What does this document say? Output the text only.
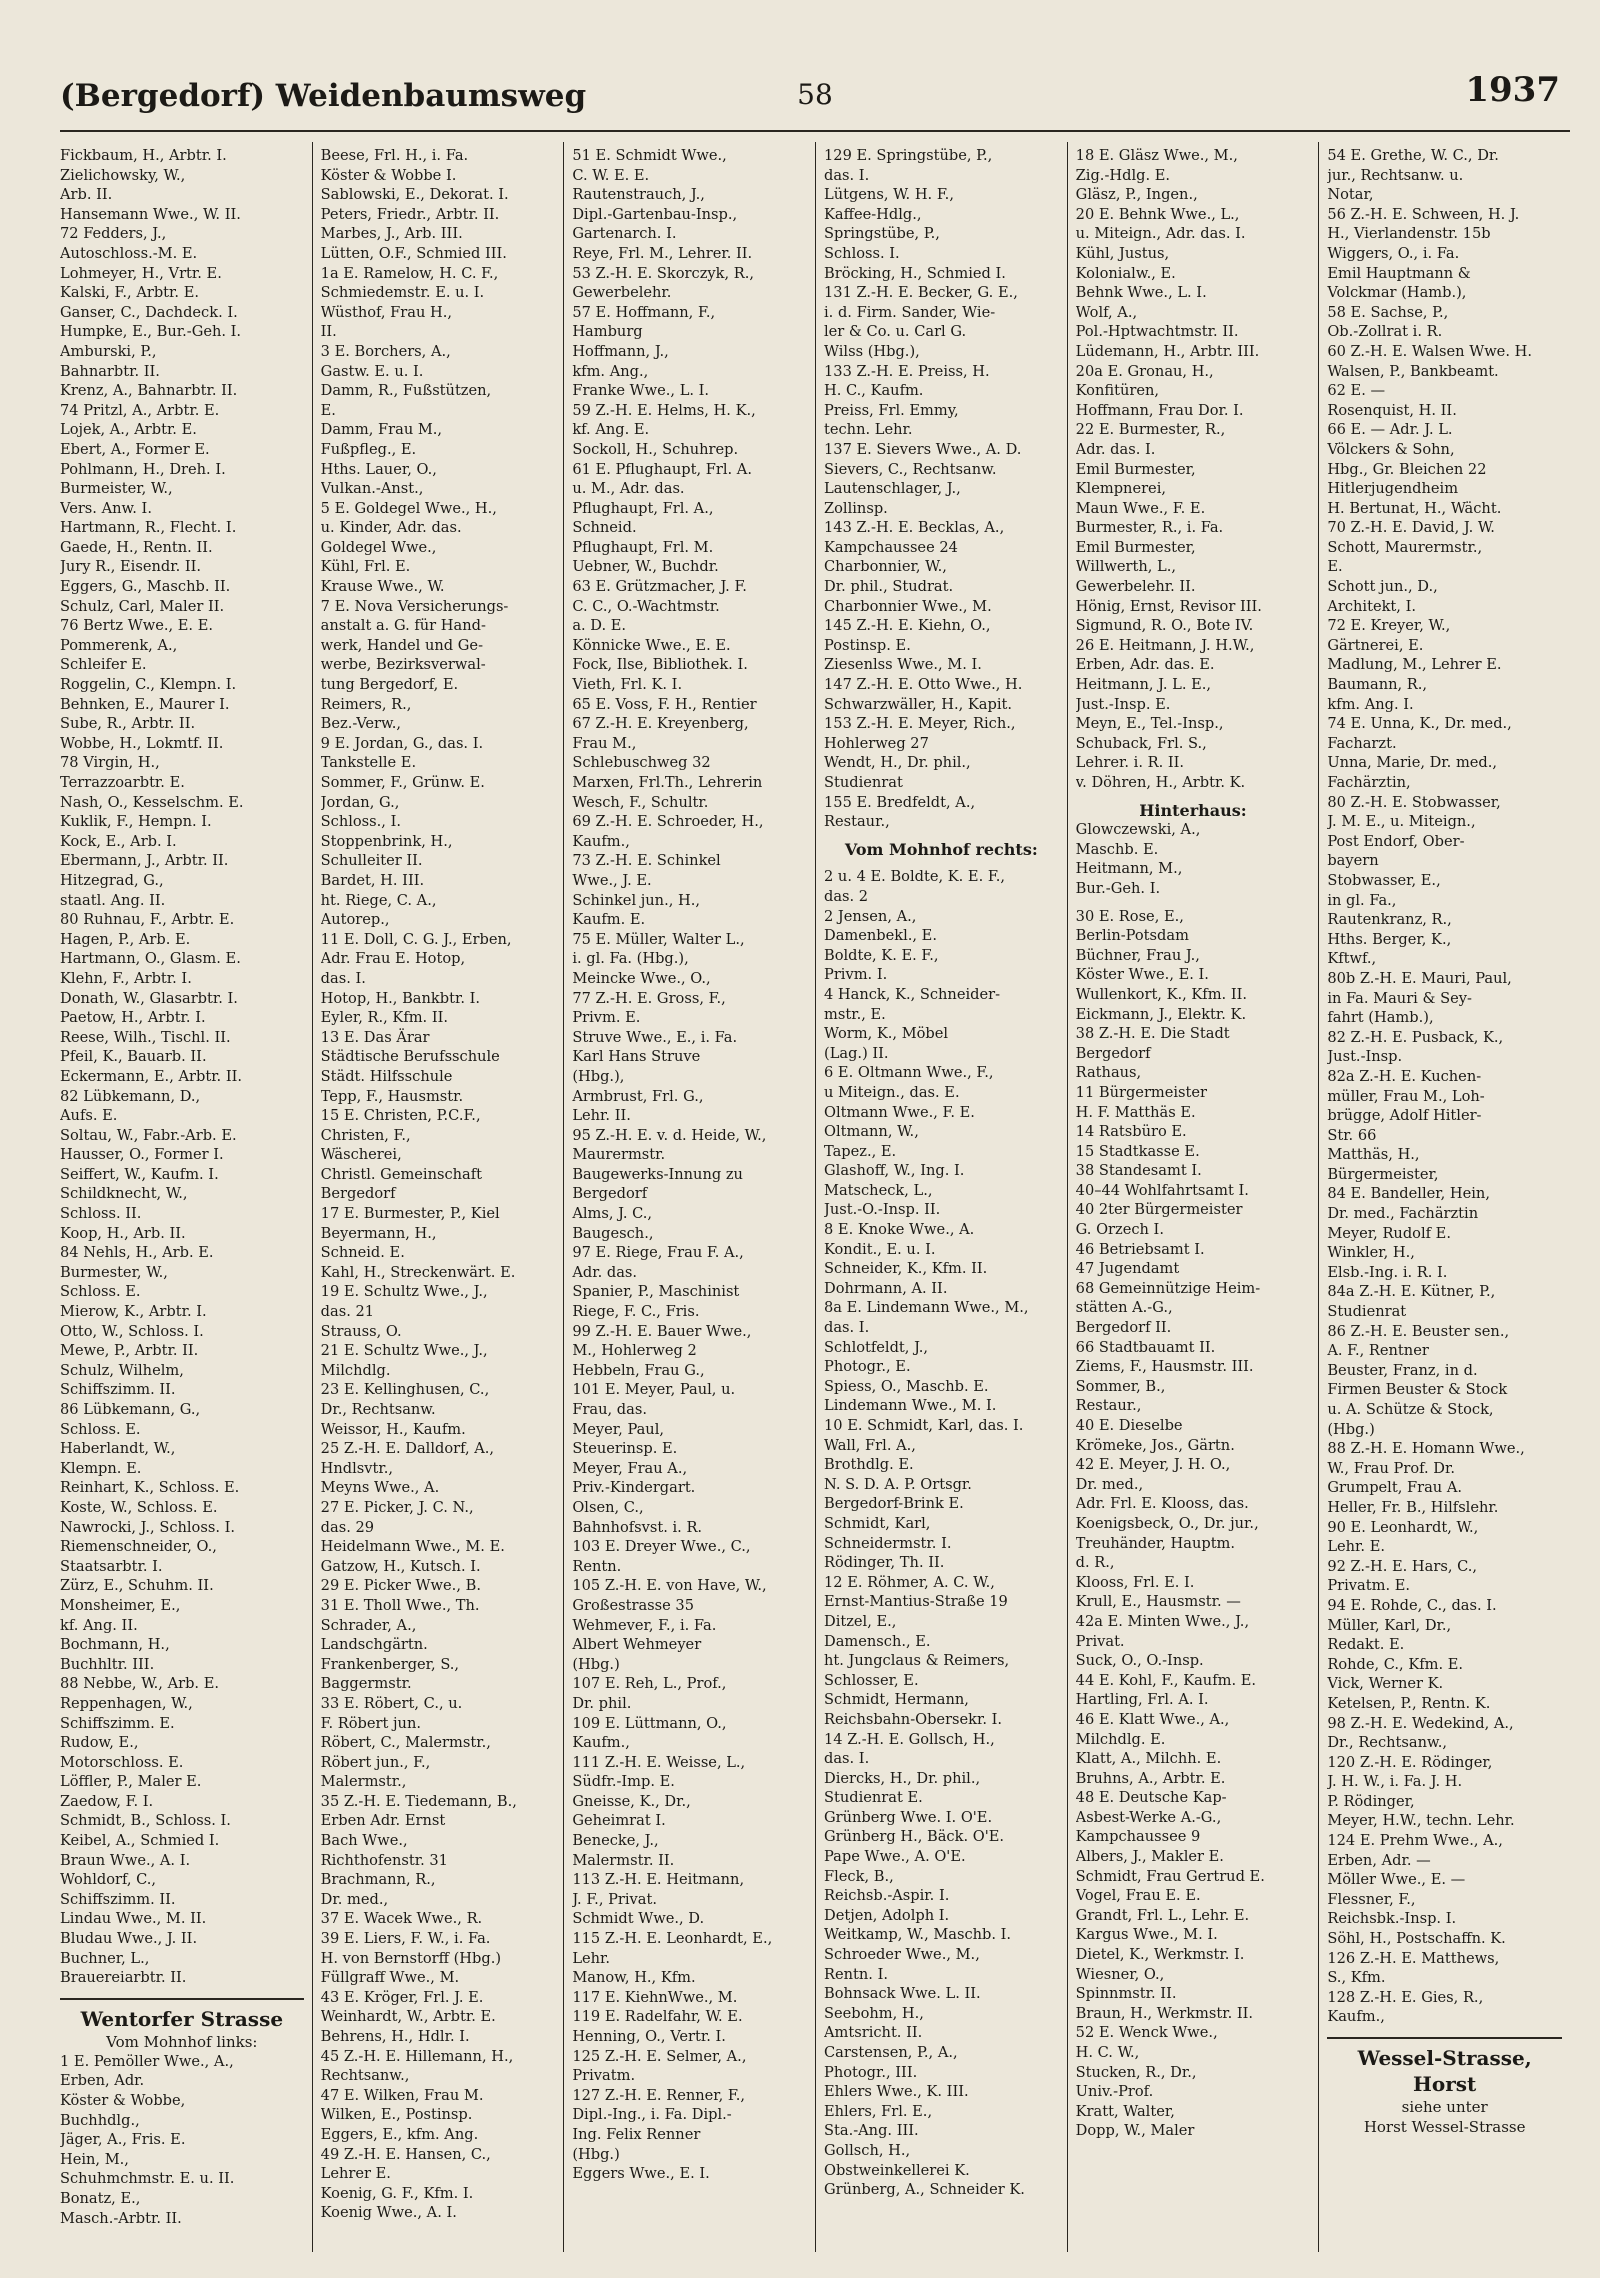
(Bergedorf) Weidenbaumsweg	58	1937
Fickbaum, H., Arbtr. I.
Zielichowsky, W.,
Arb. II.
Hansemann Wwe., W. II.
72 Fedders, J.,
Autoschloss.-M. E.
Lohmeyer, H., Vrtr. E.
Kalski, F., Arbtr. E.
Ganser, C., Dachdeck. I.
Humpke, E., Bur.-Geh. I.
Amburski, P.,
Bahnarbtr. II.
Krenz, A., Bahnarbtr. II.
74 Pritzl, A., Arbtr. E.
Lojek, A., Arbtr. E.
Ebert, A., Former E.
Pohlmann, H., Dreh. I.
Burmeister, W.,
Vers. Anw. I.
Hartmann, R., Flecht. I.
Gaede, H., Rentn. II.
Jury R., Eisendr. II.
Eggers, G., Maschb. II.
Schulz, Carl, Maler II.
76 Bertz Wwe., E. E.
Pommerenk, A.,
Schleifer E.
Roggelin, C., Klempn. I.
Behnken, E., Maurer I.
Sube, R., Arbtr. II.
Wobbe, H., Lokmtf. II.
78 Virgin, H.,
Terrazzoarbtr. E.
Nash, O., Kesselschm. E.
Kuklik, F., Hempn. I.
Kock, E., Arb. I.
Ebermann, J., Arbtr. II.
Hitzegrad, G.,
staatl. Ang. II.
80 Ruhnau, F., Arbtr. E.
Hagen, P., Arb. E.
Hartmann, O., Glasm. E.
Klehn, F., Arbtr. I.
Donath, W., Glasarbtr. I.
Paetow, H., Arbtr. I.
Reese, Wilh., Tischl. II.
Pfeil, K., Bauarb. II.
Eckermann, E., Arbtr. II.
82 Lübkemann, D.,
Aufs. E.
Soltau, W., Fabr.-Arb. E.
Hausser, O., Former I.
Seiffert, W., Kaufm. I.
Schildknecht, W.,
Schloss. II.
Koop, H., Arb. II.
84 Nehls, H., Arb. E.
Burmester, W.,
Schloss. E.
Mierow, K., Arbtr. I.
Otto, W., Schloss. I.
Mewe, P., Arbtr. II.
Schulz, Wilhelm,
Schiffszimm. II.
86 Lübkemann, G.,
Schloss. E.
Haberlandt, W.,
Klempn. E.
Reinhart, K., Schloss. E.
Koste, W., Schloss. E.
Nawrocki, J., Schloss. I.
Riemenschneider, O.,
Staatsarbtr. I.
Zürz, E., Schuhm. II.
Monsheimer, E.,
kf. Ang. II.
Bochmann, H.,
Buchhltr. III.
88 Nebbe, W., Arb. E.
Reppenhagen, W.,
Schiffszimm. E.
Rudow, E.,
Motorschloss. E.
Löffler, P., Maler E.
Zaedow, F. I.
Schmidt, B., Schloss. I.
Keibel, A., Schmied I.
Braun Wwe., A. I.
Wohldorf, C.,
Schiffszimm. II.
Lindau Wwe., M. II.
Bludau Wwe., J. II.
Buchner, L.,
Brauereiarbtr. II.
Wentorfer Strasse
Vom Mohnhof links:
1 E. Pemöller Wwe., A.,
Erben, Adr.
Köster & Wobbe,
Buchhdlg.,
Jäger, A., Fris. E.
Hein, M.,
Schuhmchmstr. E. u. II.
Bonatz, E.,
Masch.-Arbtr. II.
Beese, Frl. H., i. Fa.
Köster & Wobbe I.
Sablowski, E., Dekorat. I.
Peters, Friedr., Arbtr. II.
Marbes, J., Arb. III.
Lütten, O.F., Schmied III.
1a E. Ramelow, H. C. F.,
Schmiedemstr. E. u. I.
Wüsthof, Frau H.,
II.
3 E. Borchers, A.,
Gastw. E. u. I.
Damm, R., Fußstützen,
E.
Damm, Frau M.,
Fußpfleg., E.
Hths. Lauer, O.,
Vulkan.-Anst.,
5 E. Goldegel Wwe., H.,
u. Kinder, Adr. das.
Goldegel Wwe.,
Kühl, Frl. E.
Krause Wwe., W.
7 E. Nova Versicherungs-
anstalt a. G. für Hand-
werk, Handel und Ge-
werbe, Bezirksverwal-
tung Bergedorf, E.
Reimers, R.,
Bez.-Verw.,
9 E. Jordan, G., das. I.
Tankstelle E.
Sommer, F., Grünw. E.
Jordan, G.,
Schloss., I.
Stoppenbrink, H.,
Schulleiter II.
Bardet, H. III.
ht. Riege, C. A.,
Autorep.,
11 E. Doll, C. G. J., Erben,
Adr. Frau E. Hotop,
das. I.
Hotop, H., Bankbtr. I.
Eyler, R., Kfm. II.
13 E. Das Ärar
Städtische Berufsschule
Städt. Hilfsschule
Tepp, F., Hausmstr.
15 E. Christen, P.C.F.,
Christen, F.,
Wäscherei,
Christl. Gemeinschaft
Bergedorf
17 E. Burmester, P., Kiel
Beyermann, H.,
Schneid. E.
Kahl, H., Streckenwärt. E.
19 E. Schultz Wwe., J.,
das. 21
Strauss, O.
21 E. Schultz Wwe., J.,
Milchdlg.
23 E. Kellinghusen, C.,
Dr., Rechtsanw.
Weissor, H., Kaufm.
25 Z.-H. E. Dalldorf, A.,
Hndlsvtr.,
Meyns Wwe., A.
27 E. Picker, J. C. N.,
das. 29
Heidelmann Wwe., M. E.
Gatzow, H., Kutsch. I.
29 E. Picker Wwe., B.
31 E. Tholl Wwe., Th.
Schrader, A.,
Landschgärtn.
Frankenberger, S.,
Baggermstr.
33 E. Röbert, C., u.
F. Röbert jun.
Röbert, C., Malermstr.,
Röbert jun., F.,
Malermstr.,
35 Z.-H. E. Tiedemann, B.,
Erben Adr. Ernst
Bach Wwe.,
Richthofenstr. 31
Brachmann, R.,
Dr. med.,
37 E. Wacek Wwe., R.
39 E. Liers, F. W., i. Fa.
H. von Bernstorff (Hbg.)
Füllgraff Wwe., M.
43 E. Kröger, Frl. J. E.
Weinhardt, W., Arbtr. E.
Behrens, H., Hdlr. I.
45 Z.-H. E. Hillemann, H.,
Rechtsanw.,
47 E. Wilken, Frau M.
Wilken, E., Postinsp.
Eggers, E., kfm. Ang.
49 Z.-H. E. Hansen, C.,
Lehrer E.
Koenig, G. F., Kfm. I.
Koenig Wwe., A. I.
51 E. Schmidt Wwe.,
C. W. E. E.
Rautenstrauch, J.,
Dipl.-Gartenbau-Insp.,
Gartenarch. I.
Reye, Frl. M., Lehrer. II.
53 Z.-H. E. Skorczyk, R.,
Gewerbelehr.
57 E. Hoffmann, F.,
Hamburg
Hoffmann, J.,
kfm. Ang.,
Franke Wwe., L. I.
59 Z.-H. E. Helms, H. K.,
kf. Ang. E.
Sockoll, H., Schuhrep.
61 E. Pflughaupt, Frl. A.
u. M., Adr. das.
Pflughaupt, Frl. A.,
Schneid.
Pflughaupt, Frl. M.
Uebner, W., Buchdr.
63 E. Grützmacher, J. F.
C. C., O.-Wachtmstr.
a. D. E.
Könnicke Wwe., E. E.
Fock, Ilse, Bibliothek. I.
Vieth, Frl. K. I.
65 E. Voss, F. H., Rentier
67 Z.-H. E. Kreyenberg,
Frau M.,
Schlebuschweg 32
Marxen, Frl.Th., Lehrerin
Wesch, F., Schultr.
69 Z.-H. E. Schroeder, H.,
Kaufm.,
73 Z.-H. E. Schinkel
Wwe., J. E.
Schinkel jun., H.,
Kaufm. E.
75 E. Müller, Walter L.,
i. gl. Fa. (Hbg.),
Meincke Wwe., O.,
77 Z.-H. E. Gross, F.,
Privm. E.
Struve Wwe., E., i. Fa.
Karl Hans Struve
(Hbg.),
Armbrust, Frl. G.,
Lehr. II.
95 Z.-H. E. v. d. Heide, W.,
Maurermstr.
Baugewerks-Innung zu
Bergedorf
Alms, J. C.,
Baugesch.,
97 E. Riege, Frau F. A.,
Adr. das.
Spanier, P., Maschinist
Riege, F. C., Fris.
99 Z.-H. E. Bauer Wwe.,
M., Hohlerweg 2
Hebbeln, Frau G.,
101 E. Meyer, Paul, u.
Frau, das.
Meyer, Paul,
Steuerinsp. E.
Meyer, Frau A.,
Priv.-Kindergart.
Olsen, C.,
Bahnhofsvst. i. R.
103 E. Dreyer Wwe., C.,
Rentn.
105 Z.-H. E. von Have, W.,
Großestrasse 35
Wehmever, F., i. Fa.
Albert Wehmeyer
(Hbg.)
107 E. Reh, L., Prof.,
Dr. phil.
109 E. Lüttmann, O.,
Kaufm.,
111 Z.-H. E. Weisse, L.,
Südfr.-Imp. E.
Gneisse, K., Dr.,
Geheimrat I.
Benecke, J.,
Malermstr. II.
113 Z.-H. E. Heitmann,
J. F., Privat.
Schmidt Wwe., D.
115 Z.-H. E. Leonhardt, E.,
Lehr.
Manow, H., Kfm.
117 E. KiehnWwe., M.
119 E. Radelfahr, W. E.
Henning, O., Vertr. I.
125 Z.-H. E. Selmer, A.,
Privatm.
127 Z.-H. E. Renner, F.,
Dipl.-Ing., i. Fa. Dipl.-
Ing. Felix Renner
(Hbg.)
Eggers Wwe., E. I.
129 E. Springstübe, P.,
das. I.
Lütgens, W. H. F.,
Kaffee-Hdlg.,
Springstübe, P.,
Schloss. I.
Bröcking, H., Schmied I.
131 Z.-H. E. Becker, G. E.,
i. d. Firm. Sander, Wie-
ler & Co. u. Carl G.
Wilss (Hbg.),
133 Z.-H. E. Preiss, H.
H. C., Kaufm.
Preiss, Frl. Emmy,
techn. Lehr.
137 E. Sievers Wwe., A. D.
Sievers, C., Rechtsanw.
Lautenschlager, J.,
Zollinsp.
143 Z.-H. E. Becklas, A.,
Kampchaussee 24
Charbonnier, W.,
Dr. phil., Studrat.
Charbonnier Wwe., M.
145 Z.-H. E. Kiehn, O.,
Postinsp. E.
Ziesenlss Wwe., M. I.
147 Z.-H. E. Otto Wwe., H.
Schwarzwäller, H., Kapit.
153 Z.-H. E. Meyer, Rich.,
Hohlerweg 27
Wendt, H., Dr. phil.,
Studienrat
155 E. Bredfeldt, A.,
Restaur.,
Vom Mohnhof rechts:
2 u. 4 E. Boldte, K. E. F.,
das. 2
2 Jensen, A.,
Damenbekl., E.
Boldte, K. E. F.,
Privm. I.
4 Hanck, K., Schneider-
mstr., E.
Worm, K., Möbel
(Lag.) II.
6 E. Oltmann Wwe., F.,
u Miteign., das. E.
Oltmann Wwe., F. E.
Oltmann, W.,
Tapez., E.
Glashoff, W., Ing. I.
Matscheck, L.,
Just.-O.-Insp. II.
8 E. Knoke Wwe., A.
Kondit., E. u. I.
Schneider, K., Kfm. II.
Dohrmann, A. II.
8a E. Lindemann Wwe., M.,
das. I.
Schlotfeldt, J.,
Photogr., E.
Spiess, O., Maschb. E.
Lindemann Wwe., M. I.
10 E. Schmidt, Karl, das. I.
Wall, Frl. A.,
Brothdlg. E.
N. S. D. A. P. Ortsgr.
Bergedorf-Brink E.
Schmidt, Karl,
Schneidermstr. I.
Rödinger, Th. II.
12 E. Röhmer, A. C. W.,
Ernst-Mantius-Straße 19
Ditzel, E.,
Damensch., E.
ht. Jungclaus & Reimers,
Schlosser, E.
Schmidt, Hermann,
Reichsbahn-Obersekr. I.
14 Z.-H. E. Gollsch, H.,
das. I.
Diercks, H., Dr. phil.,
Studienrat E.
Grünberg Wwe. I. O'E.
Grünberg H., Bäck. O'E.
Pape Wwe., A. O'E.
Fleck, B.,
Reichsb.-Aspir. I.
Detjen, Adolph I.
Weitkamp, W., Maschb. I.
Schroeder Wwe., M.,
Rentn. I.
Bohnsack Wwe. L. II.
Seebohm, H.,
Amtsricht. II.
Carstensen, P., A.,
Photogr., III.
Ehlers Wwe., K. III.
Ehlers, Frl. E.,
Sta.-Ang. III.
Gollsch, H.,
Obstweinkellerei K.
Grünberg, A., Schneider K.
18 E. Gläsz Wwe., M.,
Zig.-Hdlg. E.
Gläsz, P., Ingen.,
20 E. Behnk Wwe., L.,
u. Miteign., Adr. das. I.
Kühl, Justus,
Kolonialw., E.
Behnk Wwe., L. I.
Wolf, A.,
Pol.-Hptwachtmstr. II.
Lüdemann, H., Arbtr. III.
20a E. Gronau, H.,
Konfitüren,
Hoffmann, Frau Dor. I.
22 E. Burmester, R.,
Adr. das. I.
Emil Burmester,
Klempnerei,
Maun Wwe., F. E.
Burmester, R., i. Fa.
Emil Burmester,
Willwerth, L.,
Gewerbelehr. II.
Hönig, Ernst, Revisor III.
Sigmund, R. O., Bote IV.
26 E. Heitmann, J. H.W.,
Erben, Adr. das. E.
Heitmann, J. L. E.,
Just.-Insp. E.
Meyn, E., Tel.-Insp.,
Schuback, Frl. S.,
Lehrer. i. R. II.
v. Döhren, H., Arbtr. K.
Hinterhaus:
Glowczewski, A.,
Maschb. E.
Heitmann, M.,
Bur.-Geh. I.
30 E. Rose, E.,
Berlin-Potsdam
Büchner, Frau J.,
Köster Wwe., E. I.
Wullenkort, K., Kfm. II.
Eickmann, J., Elektr. K.
38 Z.-H. E. Die Stadt
Bergedorf
Rathaus,
11 Bürgermeister
H. F. Matthäs E.
14 Ratsbüro E.
15 Stadtkasse E.
38 Standesamt I.
40–44 Wohlfahrtsamt I.
40 2ter Bürgermeister
G. Orzech I.
46 Betriebsamt I.
47 Jugendamt
68 Gemeinnützige Heim-
stätten A.-G.,
Bergedorf II.
66 Stadtbauamt II.
Ziems, F., Hausmstr. III.
Sommer, B.,
Restaur.,
40 E. Dieselbe
Krömeke, Jos., Gärtn.
42 E. Meyer, J. H. O.,
Dr. med.,
Adr. Frl. E. Klooss, das.
Koenigsbeck, O., Dr. jur.,
Treuhänder, Hauptm.
d. R.,
Klooss, Frl. E. I.
Krull, E., Hausmstr. —
42a E. Minten Wwe., J.,
Privat.
Suck, O., O.-Insp.
44 E. Kohl, F., Kaufm. E.
Hartling, Frl. A. I.
46 E. Klatt Wwe., A.,
Milchdlg. E.
Klatt, A., Milchh. E.
Bruhns, A., Arbtr. E.
48 E. Deutsche Kap-
Asbest-Werke A.-G.,
Kampchaussee 9
Albers, J., Makler E.
Schmidt, Frau Gertrud E.
Vogel, Frau E. E.
Grandt, Frl. L., Lehr. E.
Kargus Wwe., M. I.
Dietel, K., Werkmstr. I.
Wiesner, O.,
Spinnmstr. II.
Braun, H., Werkmstr. II.
52 E. Wenck Wwe.,
H. C. W.,
Stucken, R., Dr.,
Univ.-Prof.
Kratt, Walter,
Dopp, W., Maler
54 E. Grethe, W. C., Dr.
jur., Rechtsanw. u.
Notar,
56 Z.-H. E. Schween, H. J.
H., Vierlandenstr. 15b
Wiggers, O., i. Fa.
Emil Hauptmann &
Volckmar (Hamb.),
58 E. Sachse, P.,
Ob.-Zollrat i. R.
60 Z.-H. E. Walsen Wwe. H.
Walsen, P., Bankbeamt.
62 E. —
Rosenquist, H. II.
66 E. — Adr. J. L.
Völckers & Sohn,
Hbg., Gr. Bleichen 22
Hitlerjugendheim
H. Bertunat, H., Wächt.
70 Z.-H. E. David, J. W.
Schott, Maurermstr.,
E.
Schott jun., D.,
Architekt, I.
72 E. Kreyer, W.,
Gärtnerei, E.
Madlung, M., Lehrer E.
Baumann, R.,
kfm. Ang. I.
74 E. Unna, K., Dr. med.,
Facharzt.
Unna, Marie, Dr. med.,
Fachärztin,
80 Z.-H. E. Stobwasser,
J. M. E., u. Miteign.,
Post Endorf, Ober-
bayern
Stobwasser, E.,
in gl. Fa.,
Rautenkranz, R.,
Hths. Berger, K.,
Kftwf.,
80b Z.-H. E. Mauri, Paul,
in Fa. Mauri & Sey-
fahrt (Hamb.),
82 Z.-H. E. Pusback, K.,
Just.-Insp.
82a Z.-H. E. Kuchen-
müller, Frau M., Loh-
brügge, Adolf Hitler-
Str. 66
Matthäs, H.,
Bürgermeister,
84 E. Bandeller, Hein,
Dr. med., Fachärztin
Meyer, Rudolf E.
Winkler, H.,
Elsb.-Ing. i. R. I.
84a Z.-H. E. Kütner, P.,
Studienrat
86 Z.-H. E. Beuster sen.,
A. F., Rentner
Beuster, Franz, in d.
Firmen Beuster & Stock
u. A. Schütze & Stock,
(Hbg.)
88 Z.-H. E. Homann Wwe.,
W., Frau Prof. Dr.
Grumpelt, Frau A.
Heller, Fr. B., Hilfslehr.
90 E. Leonhardt, W.,
Lehr. E.
92 Z.-H. E. Hars, C.,
Privatm. E.
94 E. Rohde, C., das. I.
Müller, Karl, Dr.,
Redakt. E.
Rohde, C., Kfm. E.
Vick, Werner K.
Ketelsen, P., Rentn. K.
98 Z.-H. E. Wedekind, A.,
Dr., Rechtsanw.,
120 Z.-H. E. Rödinger,
J. H. W., i. Fa. J. H.
P. Rödinger,
Meyer, H.W., techn. Lehr.
124 E. Prehm Wwe., A.,
Erben, Adr. —
Möller Wwe., E. —
Flessner, F.,
Reichsbk.-Insp. I.
Söhl, H., Postschaffn. K.
126 Z.-H. E. Matthews,
S., Kfm.
128 Z.-H. E. Gies, R.,
Kaufm.,
Wessel-Strasse, Horst
siehe unter
Horst Wessel-Strasse
